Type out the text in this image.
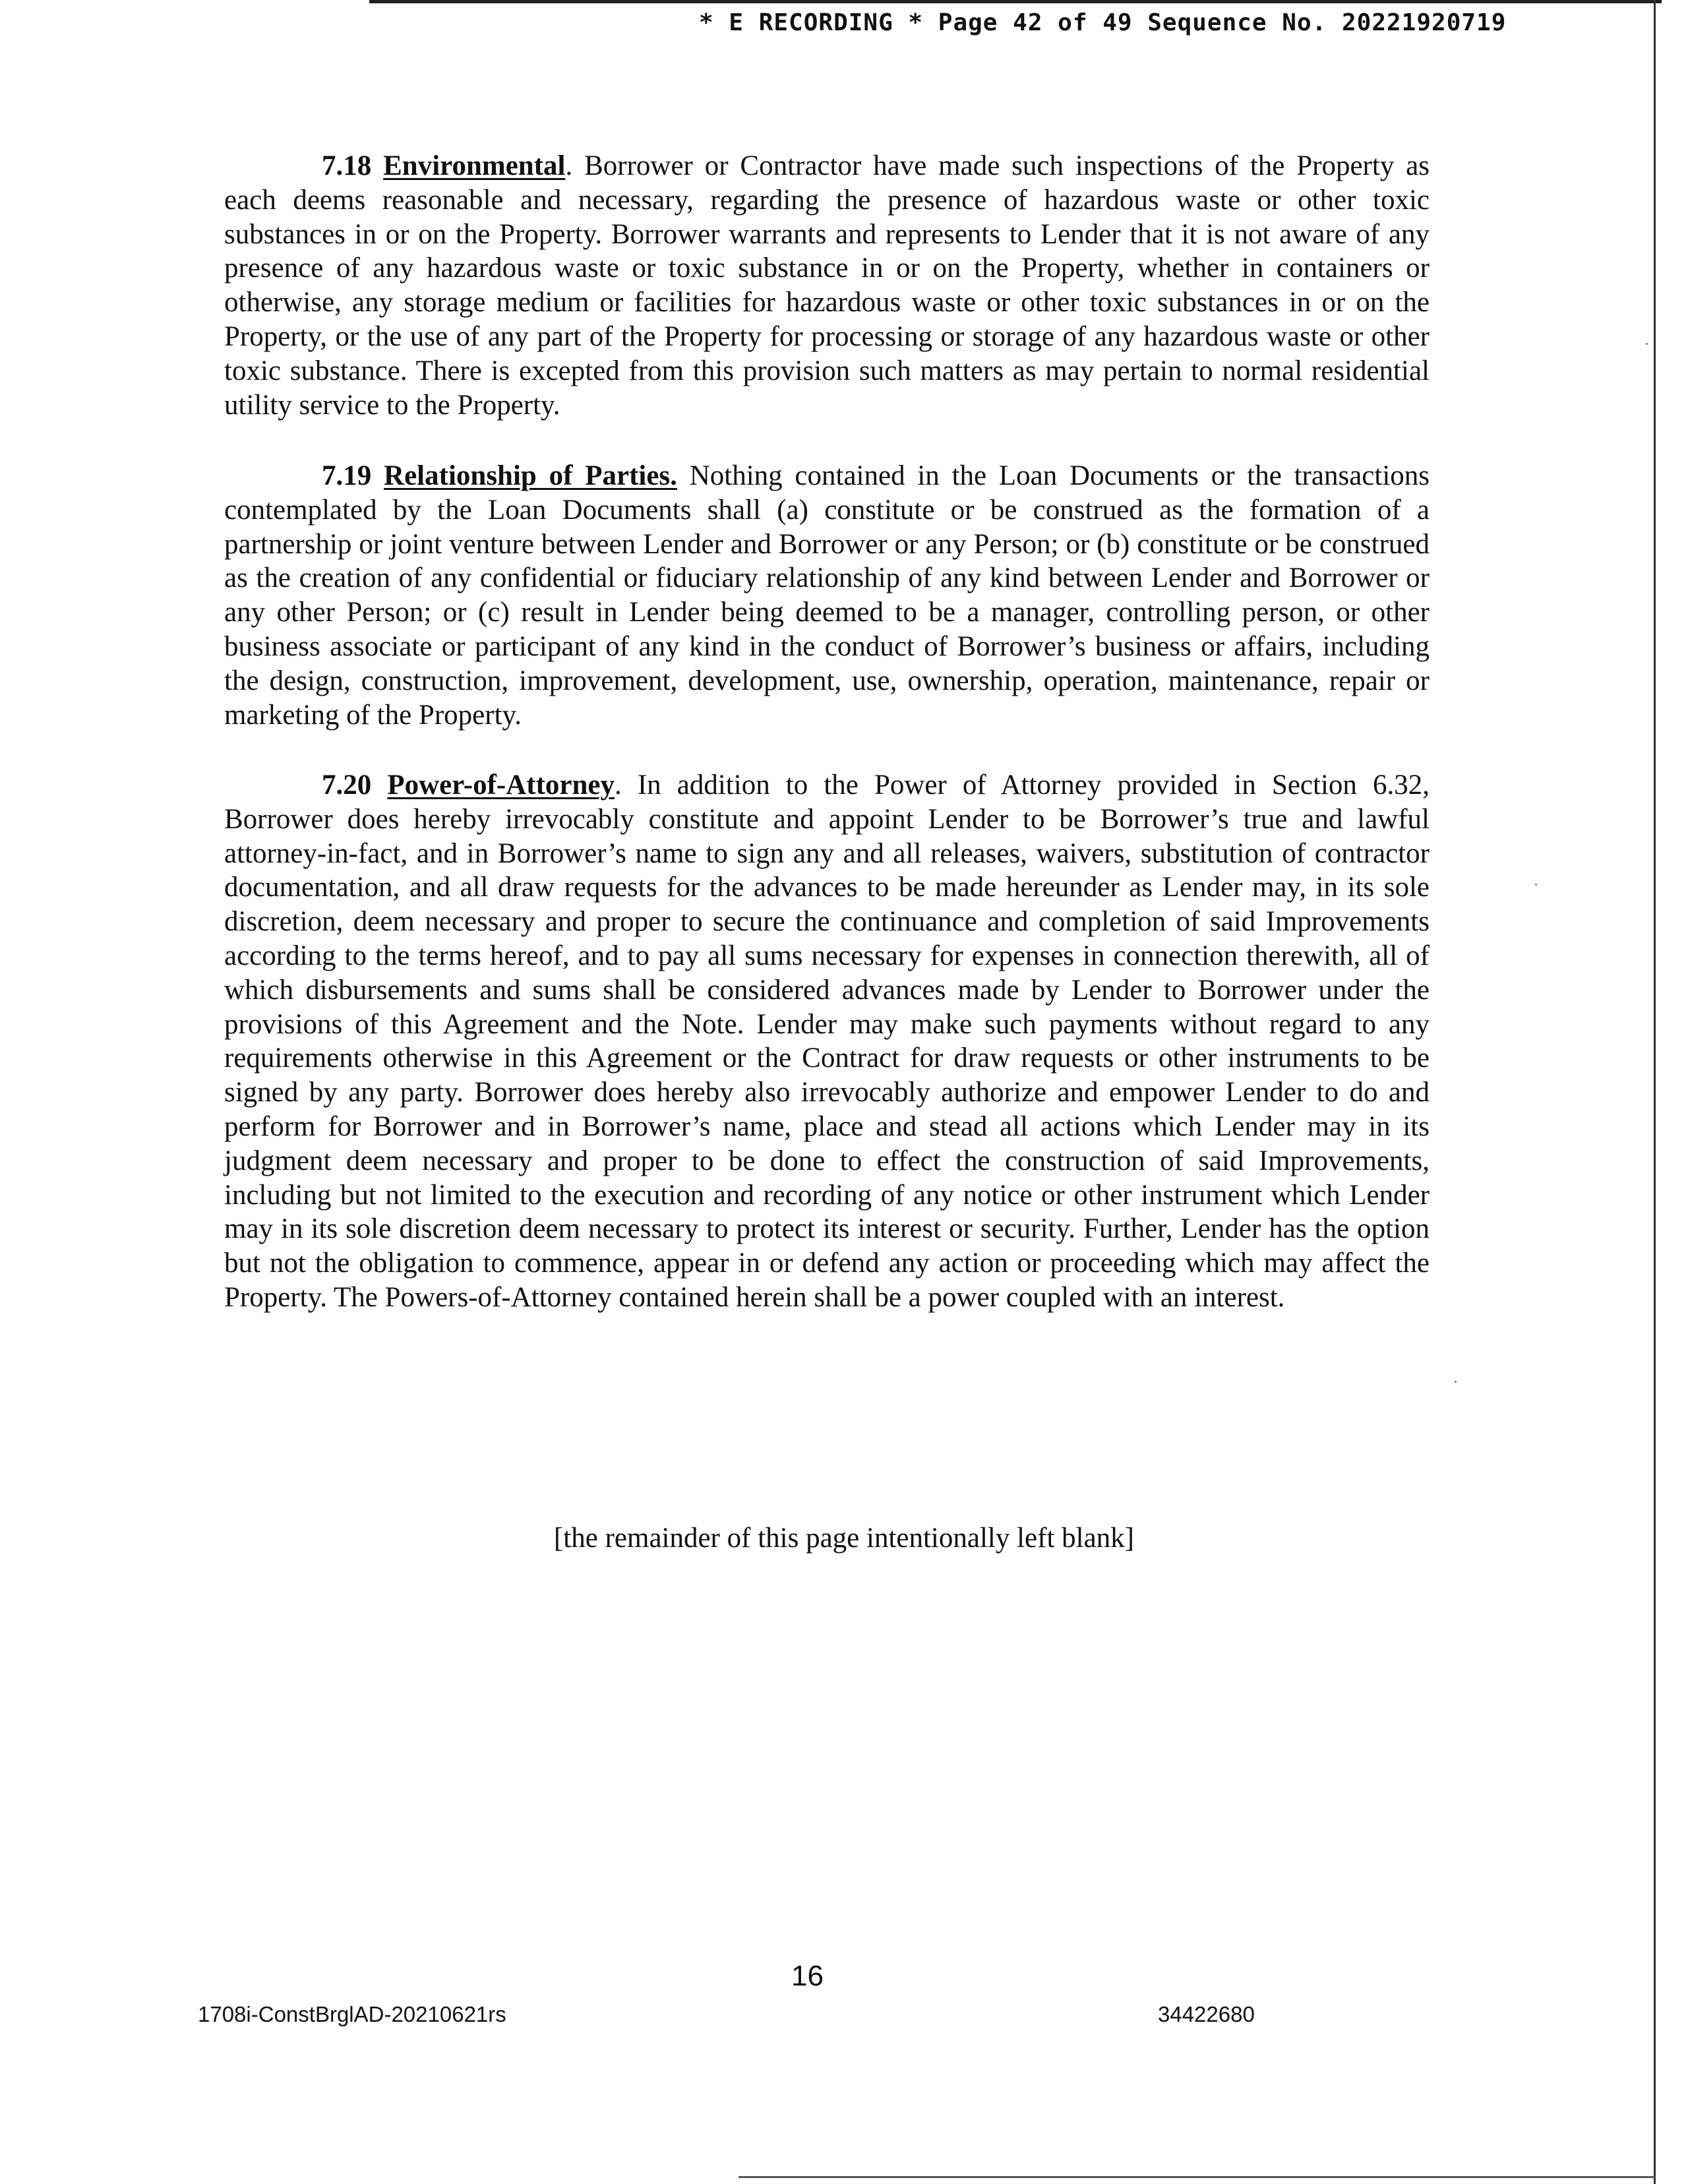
* E RECORDING * Page 42 of 49 Sequence No. 20221920719

7.18 Environmental. Borrower or Contractor have made such inspections of the Property as each deems reasonable and necessary, regarding the presence of hazardous waste or other toxic substances in or on the Property. Borrower warrants and represents to Lender that it is not aware of any presence of any hazardous waste or toxic substance in or on the Property, whether in containers or otherwise, any storage medium or facilities for hazardous waste or other toxic substances in or on the Property, or the use of any part of the Property for processing or storage of any hazardous waste or other toxic substance. There is excepted from this provision such matters as may pertain to normal residential utility service to the Property.

7.19 Relationship of Parties. Nothing contained in the Loan Documents or the transactions contemplated by the Loan Documents shall (a) constitute or be construed as the formation of a partnership or joint venture between Lender and Borrower or any Person; or (b) constitute or be construed as the creation of any confidential or fiduciary relationship of any kind between Lender and Borrower or any other Person; or (c) result in Lender being deemed to be a manager, controlling person, or other business associate or participant of any kind in the conduct of Borrower’s business or affairs, including the design, construction, improvement, development, use, ownership, operation, maintenance, repair or marketing of the Property.

7.20 Power-of-Attorney. In addition to the Power of Attorney provided in Section 6.32, Borrower does hereby irrevocably constitute and appoint Lender to be Borrower’s true and lawful attorney-in-fact, and in Borrower’s name to sign any and all releases, waivers, substitution of contractor documentation, and all draw requests for the advances to be made hereunder as Lender may, in its sole discretion, deem necessary and proper to secure the continuance and completion of said Improvements according to the terms hereof, and to pay all sums necessary for expenses in connection therewith, all of which disbursements and sums shall be considered advances made by Lender to Borrower under the provisions of this Agreement and the Note. Lender may make such payments without regard to any requirements otherwise in this Agreement or the Contract for draw requests or other instruments to be signed by any party. Borrower does hereby also irrevocably authorize and empower Lender to do and perform for Borrower and in Borrower’s name, place and stead all actions which Lender may in its judgment deem necessary and proper to be done to effect the construction of said Improvements, including but not limited to the execution and recording of any notice or other instrument which Lender may in its sole discretion deem necessary to protect its interest or security. Further, Lender has the option but not the obligation to commence, appear in or defend any action or proceeding which may affect the Property. The Powers-of-Attorney contained herein shall be a power coupled with an interest.

[the remainder of this page intentionally left blank]
16
1708i-ConstBrglAD-20210621rs	34422680
